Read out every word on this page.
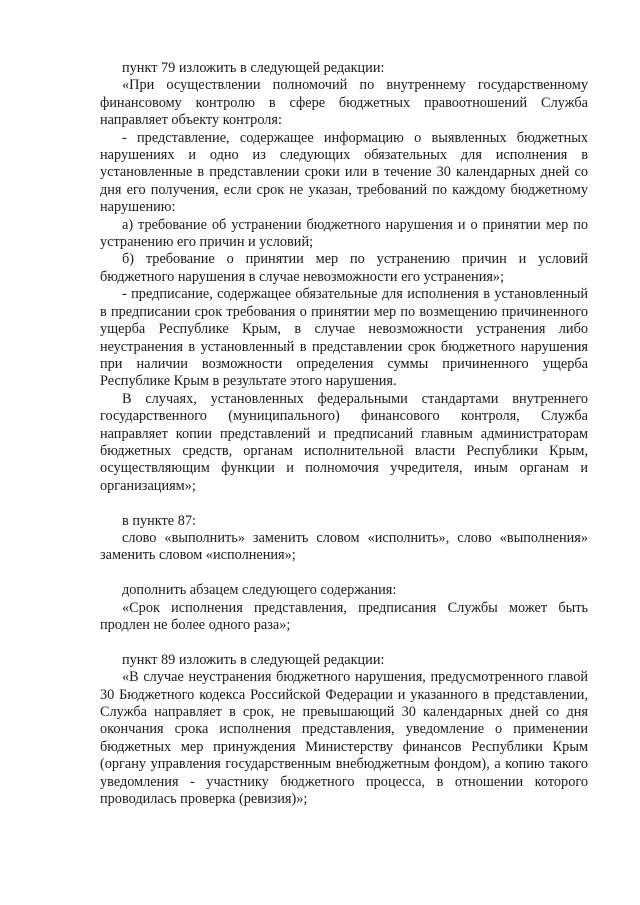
пункт 79 изложить в следующей редакции:

«При осуществлении полномочий по внутреннему государственному финансовому контролю в сфере бюджетных правоотношений Служба направляет объекту контроля:

- представление, содержащее информацию о выявленных бюджетных нарушениях и одно из следующих обязательных для исполнения в установленные в представлении сроки или в течение 30 календарных дней со дня его получения, если срок не указан, требований по каждому бюджетному нарушению:

а) требование об устранении бюджетного нарушения и о принятии мер по устранению его причин и условий;

б) требование о принятии мер по устранению причин и условий бюджетного нарушения в случае невозможности его устранения»;

- предписание, содержащее обязательные для исполнения в установленный в предписании срок требования о принятии мер по возмещению причиненного ущерба Республике Крым, в случае невозможности устранения либо неустранения в установленный в представлении срок бюджетного нарушения при наличии возможности определения суммы причиненного ущерба Республике Крым в результате этого нарушения.

В случаях, установленных федеральными стандартами внутреннего государственного (муниципального) финансового контроля, Служба направляет копии представлений и предписаний главным администраторам бюджетных средств, органам исполнительной власти Республики Крым, осуществляющим функции и полномочия учредителя, иным органам и организациям»;

в пункте 87:

слово «выполнить» заменить словом «исполнить», слово «выполнения» заменить словом «исполнения»;

дополнить абзацем следующего содержания:

«Срок исполнения представления, предписания Службы может быть продлен не более одного раза»;

пункт 89 изложить в следующей редакции:

«В случае неустранения бюджетного нарушения, предусмотренного главой 30 Бюджетного кодекса Российской Федерации и указанного в представлении, Служба направляет в срок, не превышающий 30 календарных дней со дня окончания срока исполнения представления, уведомление о применении бюджетных мер принуждения Министерству финансов Республики Крым (органу управления государственным внебюджетным фондом), а копию такого уведомления - участнику бюджетного процесса, в отношении которого проводилась проверка (ревизия)»;
